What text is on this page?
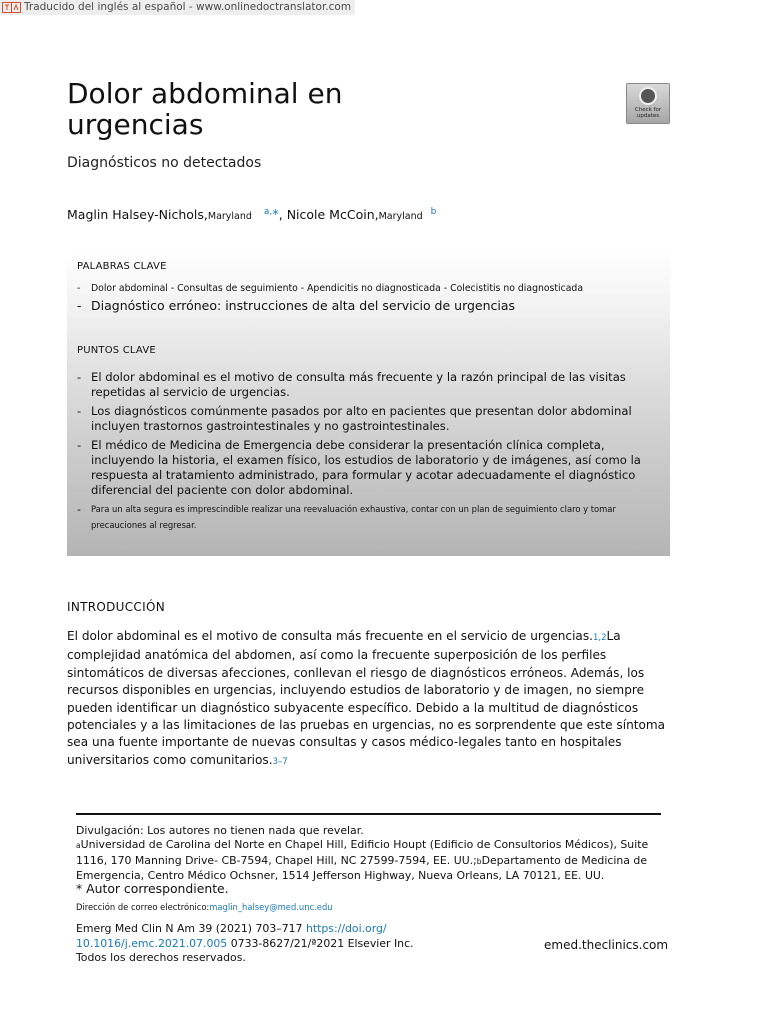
Traducido del inglés al español - www.onlinedoctranslator.com
Dolor abdominal en
urgencias
Diagnósticos no detectados
Check for
updates
Maglin Halsey-Nichols,Maryland $^{a,}$*, Nicole McCoin,Maryland $^b$
PALABRAS CLAVE
-	Dolor abdominal - Consultas de seguimiento - Apendicitis no diagnosticada - Colecistitis no diagnosticada
- Diagnóstico erróneo: instrucciones de alta del servicio de urgencias
PUNTOS CLAVE
- El dolor abdominal es el motivo de consulta más frecuente y la razón principal de las visitas repetidas al servicio de urgencias.
- Los diagnósticos comúnmente pasados por alto en pacientes que presentan dolor abdominal incluyen trastornos gastrointestinales y no gastrointestinales.
- El médico de Medicina de Emergencia debe considerar la presentación clínica completa, incluyendo la historia, el examen físico, los estudios de laboratorio y de imágenes, así como la respuesta al tratamiento administrado, para formular y acotar adecuadamente el diagnóstico diferencial del paciente con dolor abdominal.
-	Para un alta segura es imprescindible realizar una reevaluación exhaustiva, contar con un plan de seguimiento claro y tomar precauciones al regresar.
INTRODUCCIÓN

El dolor abdominal es el motivo de consulta más frecuente en el servicio de urgencias.1,2La complejidad anatómica del abdomen, así como la frecuente superposición de los perfiles sintomáticos de diversas afecciones, conllevan el riesgo de diagnósticos erróneos. Además, los recursos disponibles en urgencias, incluyendo estudios de laboratorio y de imagen, no siempre pueden identificar un diagnóstico subyacente específico. Debido a la multitud de diagnósticos potenciales y a las limitaciones de las pruebas en urgencias, no es sorprendente que este síntoma sea una fuente importante de nuevas consultas y casos médico-legales tanto en hospitales universitarios como comunitarios.3–7

Divulgación: Los autores no tienen nada que revelar.
aUniversidad de Carolina del Norte en Chapel Hill, Edificio Houpt (Edificio de Consultorios Médicos), Suite 1116, 170 Manning Drive- CB-7594, Chapel Hill, NC 27599-7594, EE. UU.;bDepartamento de Medicina de Emergencia, Centro Médico Ochsner, 1514 Jefferson Highway, Nueva Orleans, LA 70121, EE. UU.
* Autor correspondiente.
Dirección de correo electrónico:maglin_halsey@med.unc.edu
Emerg Med Clin N Am 39 (2021) 703–717 https://doi.org/ 10.1016/j.emc.2021.07.005 0733-8627/21/ª2021 Elsevier Inc. Todos los derechos reservados.
emed.theclinics.com
